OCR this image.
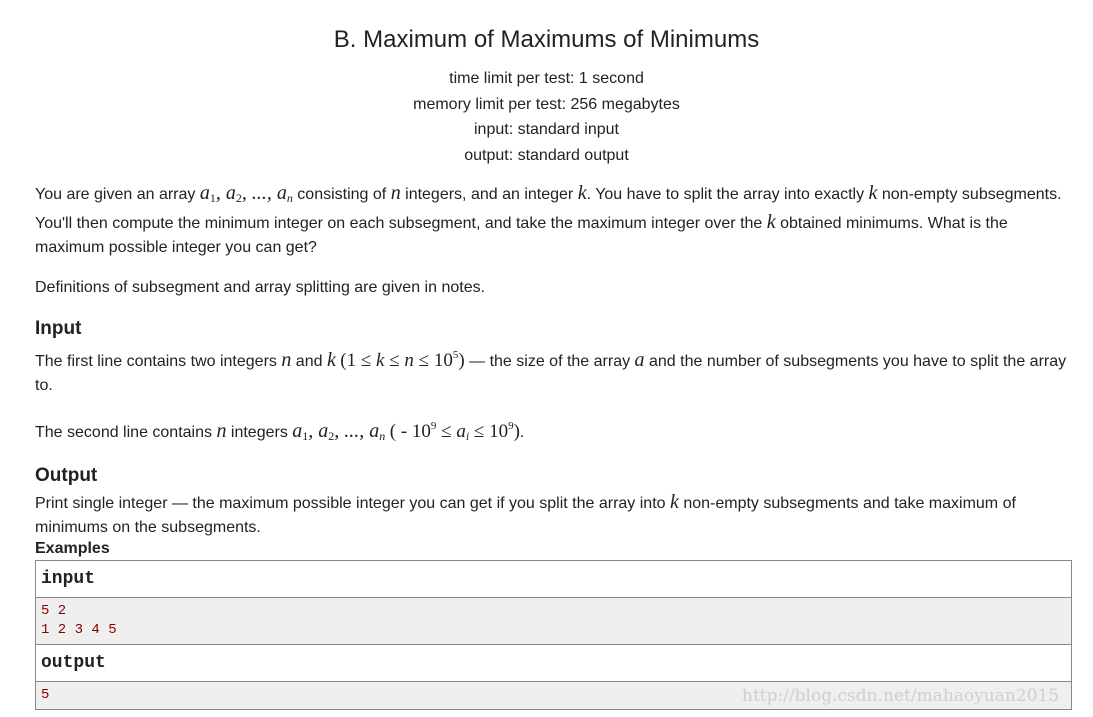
B. Maximum of Maximums of Minimums
time limit per test: 1 second
memory limit per test: 256 megabytes
input: standard input
output: standard output

You are given an array $a_1$, $a_2$, ..., an consisting of n integers, and an integer k. You have to split the array into exactly k non-empty subsegments. You'll then compute the minimum integer on each subsegment, and take the maximum integer over the k obtained minimums. What is the maximum possible integer you can get?

Definitions of subsegment and array splitting are given in notes.

Input

The first line contains two integers n and k $(1 \le k \le n \le 10^5)$ — the size of the array a and the number of subsegments you have to split the array to.

The second line contains n integers $a_1$, $a_2$, ..., an ( - $10^9$ ≤ ai ≤ $10^9$).

Output

Print single integer — the maximum possible integer you can get if you split the array into k non-empty subsegments and take maximum of minimums on the subsegments.

Examples
input
5 2
1 2 3 4 5
output
5	http://blog.csdn.net/mahaoyuan2015
